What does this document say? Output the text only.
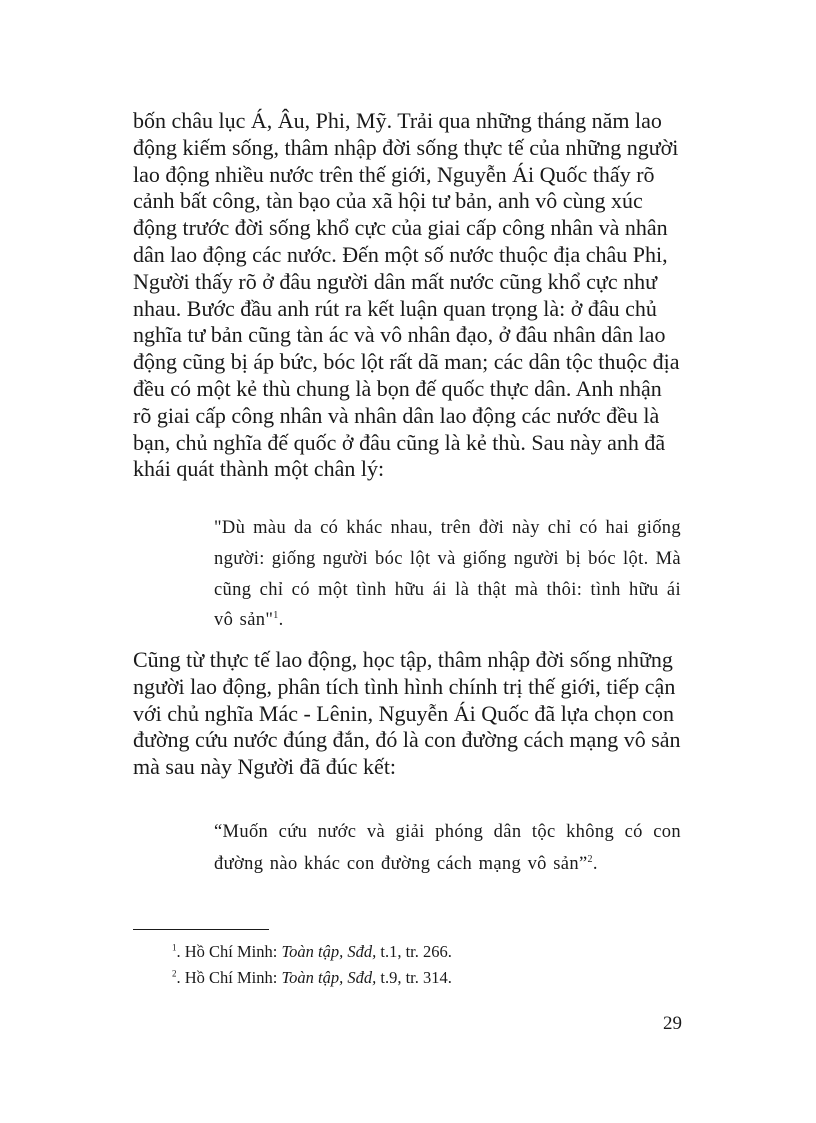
bốn châu lục Á, Âu, Phi, Mỹ. Trải qua những tháng năm lao động kiếm sống, thâm nhập đời sống thực tế của những người lao động nhiều nước trên thế giới, Nguyễn Ái Quốc thấy rõ cảnh bất công, tàn bạo của xã hội tư bản, anh vô cùng xúc động trước đời sống khổ cực của giai cấp công nhân và nhân dân lao động các nước. Đến một số nước thuộc địa châu Phi, Người thấy rõ ở đâu người dân mất nước cũng khổ cực như nhau. Bước đầu anh rút ra kết luận quan trọng là: ở đâu chủ nghĩa tư bản cũng tàn ác và vô nhân đạo, ở đâu nhân dân lao động cũng bị áp bức, bóc lột rất dã man; các dân tộc thuộc địa đều có một kẻ thù chung là bọn đế quốc thực dân. Anh nhận rõ giai cấp công nhân và nhân dân lao động các nước đều là bạn, chủ nghĩa đế quốc ở đâu cũng là kẻ thù. Sau này anh đã khái quát thành một chân lý:

"Dù màu da có khác nhau, trên đời này chỉ có hai giống người: giống người bóc lột và giống người bị bóc lột. Mà cũng chỉ có một tình hữu ái là thật mà thôi: tình hữu ái vô sản"$^1$.

Cũng từ thực tế lao động, học tập, thâm nhập đời sống những người lao động, phân tích tình hình chính trị thế giới, tiếp cận với chủ nghĩa Mác - Lênin, Nguyễn Ái Quốc đã lựa chọn con đường cứu nước đúng đắn, đó là con đường cách mạng vô sản mà sau này Người đã đúc kết:

“Muốn cứu nước và giải phóng dân tộc không có con đường nào khác con đường cách mạng vô sản”$^2$.

$^1$. Hồ Chí Minh: Toàn tập, Sđd, t.1, tr. 266.

$^2$. Hồ Chí Minh: Toàn tập, Sđd, t.9, tr. 314.

29
